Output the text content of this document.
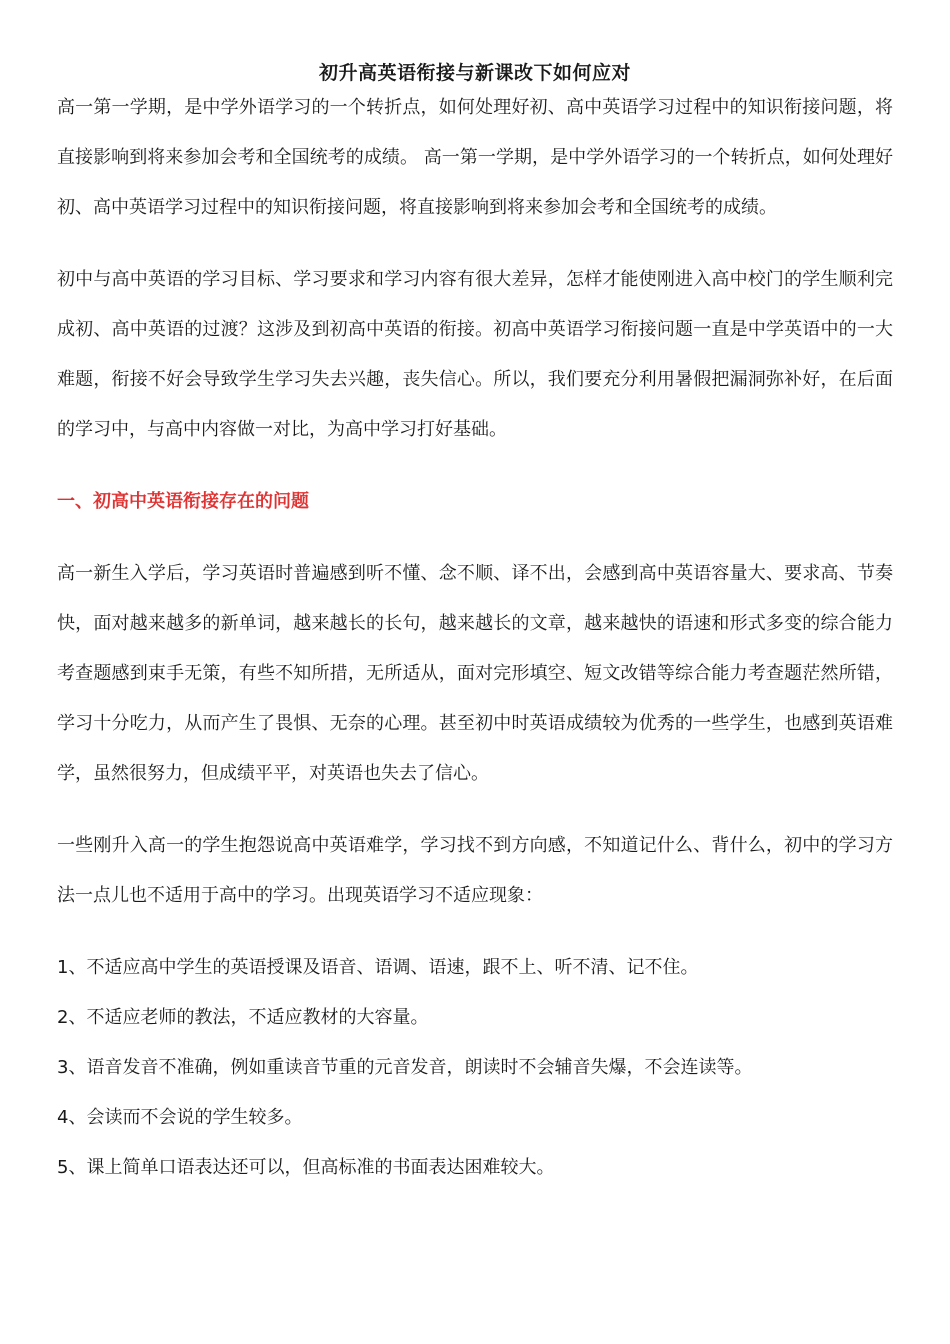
初升高英语衔接与新课改下如何应对

高一第一学期，是中学外语学习的一个转折点，如何处理好初、高中英语学习过程中的知识衔接问题，将直接影响到将来参加会考和全国统考的成绩。 高一第一学期，是中学外语学习的一个转折点，如何处理好初、高中英语学习过程中的知识衔接问题，将直接影响到将来参加会考和全国统考的成绩。

初中与高中英语的学习目标、学习要求和学习内容有很大差异，怎样才能使刚进入高中校门的学生顺利完成初、高中英语的过渡？这涉及到初高中英语的衔接。初高中英语学习衔接问题一直是中学英语中的一大难题，衔接不好会导致学生学习失去兴趣，丧失信心。所以，我们要充分利用暑假把漏洞弥补好，在后面的学习中，与高中内容做一对比，为高中学习打好基础。

一、初高中英语衔接存在的问题

高一新生入学后，学习英语时普遍感到听不懂、念不顺、译不出，会感到高中英语容量大、要求高、节奏快，面对越来越多的新单词，越来越长的长句，越来越长的文章，越来越快的语速和形式多变的综合能力考查题感到束手无策，有些不知所措，无所适从，面对完形填空、短文改错等综合能力考查题茫然所错，学习十分吃力，从而产生了畏惧、无奈的心理。甚至初中时英语成绩较为优秀的一些学生，也感到英语难学，虽然很努力，但成绩平平，对英语也失去了信心。

一些刚升入高一的学生抱怨说高中英语难学，学习找不到方向感，不知道记什么、背什么，初中的学习方法一点儿也不适用于高中的学习。出现英语学习不适应现象：

1、不适应高中学生的英语授课及语音、语调、语速，跟不上、听不清、记不住。
2、不适应老师的教法，不适应教材的大容量。
3、语音发音不准确，例如重读音节重的元音发音，朗读时不会辅音失爆，不会连读等。
4、会读而不会说的学生较多。
5、课上简单口语表达还可以，但高标准的书面表达困难较大。
